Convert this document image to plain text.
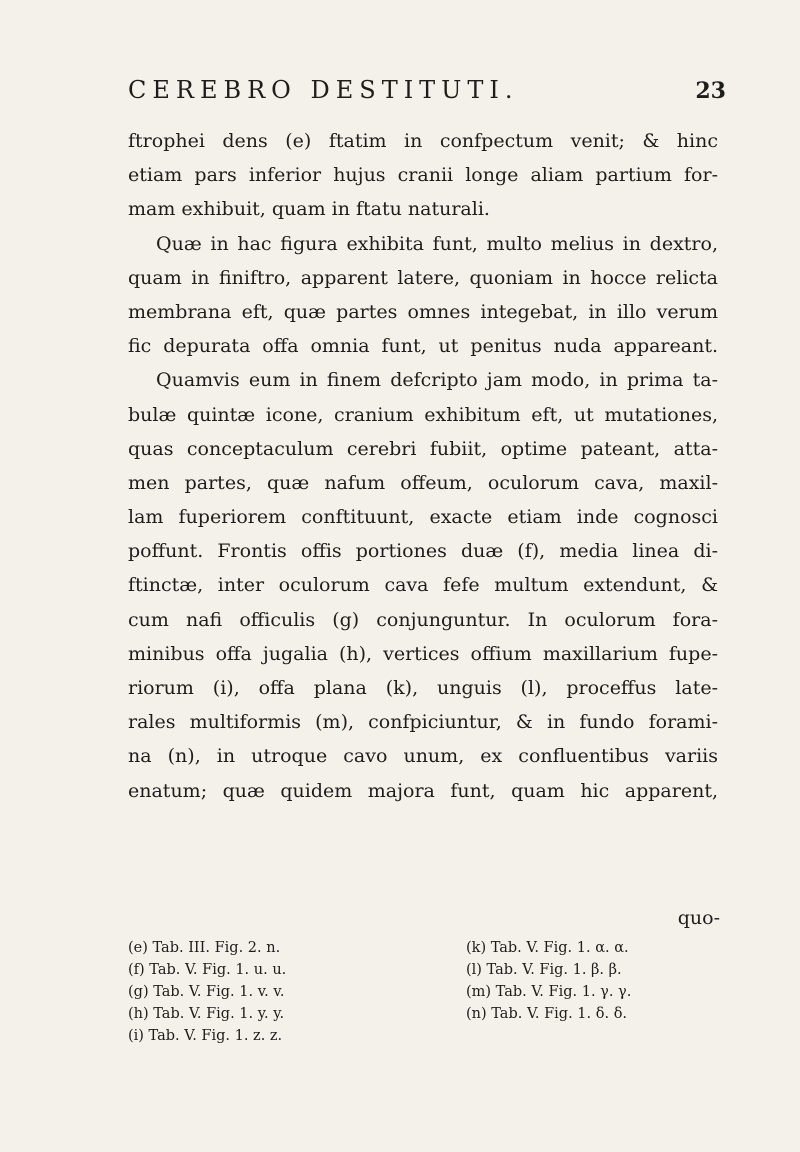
CEREBRO DESTITUTI.	23
ftrophei dens (e) ftatim in confpectum venit; & hinc
etiam pars inferior hujus cranii longe aliam partium for-
mam exhibuit, quam in ftatu naturali.
Quæ in hac figura exhibita funt, multo melius in dextro,
quam in finiftro, apparent latere, quoniam in hocce relicta
membrana eft, quæ partes omnes integebat, in illo verum
fic depurata offa omnia funt, ut penitus nuda appareant.
Quamvis eum in finem defcripto jam modo, in prima ta-
bulæ quintæ icone, cranium exhibitum eft, ut mutationes,
quas conceptaculum cerebri fubiit, optime pateant, atta-
men partes, quæ nafum offeum, oculorum cava, maxil-
lam fuperiorem conftituunt, exacte etiam inde cognosci
poffunt. Frontis offis portiones duæ (f), media linea di-
ftinctæ, inter oculorum cava fefe multum extendunt, &
cum nafi officulis (g) conjunguntur. In oculorum fora-
minibus offa jugalia (h), vertices offium maxillarium fupe-
riorum (i), offa plana (k), unguis (l), proceffus late-
rales multiformis (m), confpiciuntur, & in fundo forami-
na (n), in utroque cavo unum, ex confluentibus variis
enatum; quæ quidem majora funt, quam hic apparent,
quo-
(e) Tab. III. Fig. 2. n.
(f) Tab. V. Fig. 1. u. u.
(g) Tab. V. Fig. 1. v. v.
(h) Tab. V. Fig. 1. y. y.
(i) Tab. V. Fig. 1. z. z.
(k) Tab. V. Fig. 1. α. α.
(l) Tab. V. Fig. 1. β. β.
(m) Tab. V. Fig. 1. γ. γ.
(n) Tab. V. Fig. 1. δ. δ.
